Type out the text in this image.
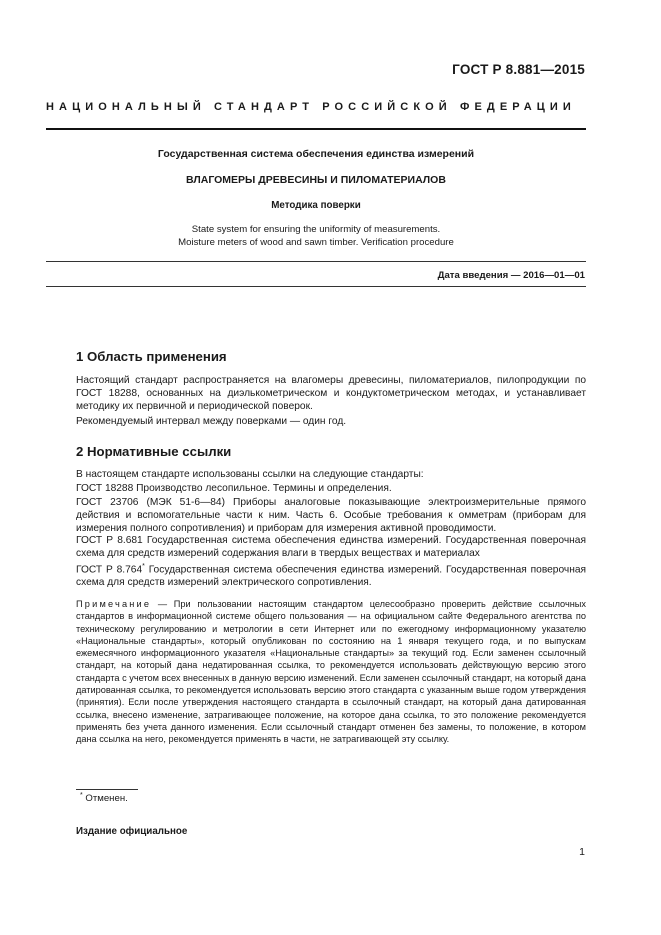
ГОСТ Р 8.881—2015
НАЦИОНАЛЬНЫЙ СТАНДАРТ РОССИЙСКОЙ ФЕДЕРАЦИИ
Государственная система обеспечения единства измерений
ВЛАГОМЕРЫ ДРЕВЕСИНЫ И ПИЛОМАТЕРИАЛОВ
Методика поверки
State system for ensuring the uniformity of measurements.
Moisture meters of wood and sawn timber. Verification procedure
Дата введения — 2016—01—01
1 Область применения
Настоящий стандарт распространяется на влагомеры древесины, пиломатериалов, пилопродукции по ГОСТ 18288, основанных на диэлькометрическом и кондуктометрическом методах, и устанавливает методику их первичной и периодической поверок.
Рекомендуемый интервал между поверками — один год.
2 Нормативные ссылки
В настоящем стандарте использованы ссылки на следующие стандарты:
ГОСТ 18288 Производство лесопильное. Термины и определения.
ГОСТ 23706 (МЭК 51-6—84) Приборы аналоговые показывающие электроизмерительные прямого действия и вспомогательные части к ним. Часть 6. Особые требования к омметрам (приборам для измерения полного сопротивления) и приборам для измерения активной проводимости.
ГОСТ Р 8.681 Государственная система обеспечения единства измерений. Государственная поверочная схема для средств измерений содержания влаги в твердых веществах и материалах
ГОСТ Р 8.764* Государственная система обеспечения единства измерений. Государственная поверочная схема для средств измерений электрического сопротивления.
Примечание — При пользовании настоящим стандартом целесообразно проверить действие ссылочных стандартов в информационной системе общего пользования — на официальном сайте Федерального агентства по техническому регулированию и метрологии в сети Интернет или по ежегодному информационному указателю «Национальные стандарты», который опубликован по состоянию на 1 января текущего года, и по выпускам ежемесячного информационного указателя «Национальные стандарты» за текущий год. Если заменен ссылочный стандарт, на который дана недатированная ссылка, то рекомендуется использовать действующую версию этого стандарта с учетом всех внесенных в данную версию изменений. Если заменен ссылочный стандарт, на который дана датированная ссылка, то рекомендуется использовать версию этого стандарта с указанным выше годом утверждения (принятия). Если после утверждения настоящего стандарта в ссылочный стандарт, на который дана датированная ссылка, внесено изменение, затрагивающее положение, на которое дана ссылка, то это положение рекомендуется применять без учета данного изменения. Если ссылочный стандарт отменен без замены, то положение, в котором дана ссылка на него, рекомендуется применять в части, не затрагивающей эту ссылку.
* Отменен.
Издание официальное
1
